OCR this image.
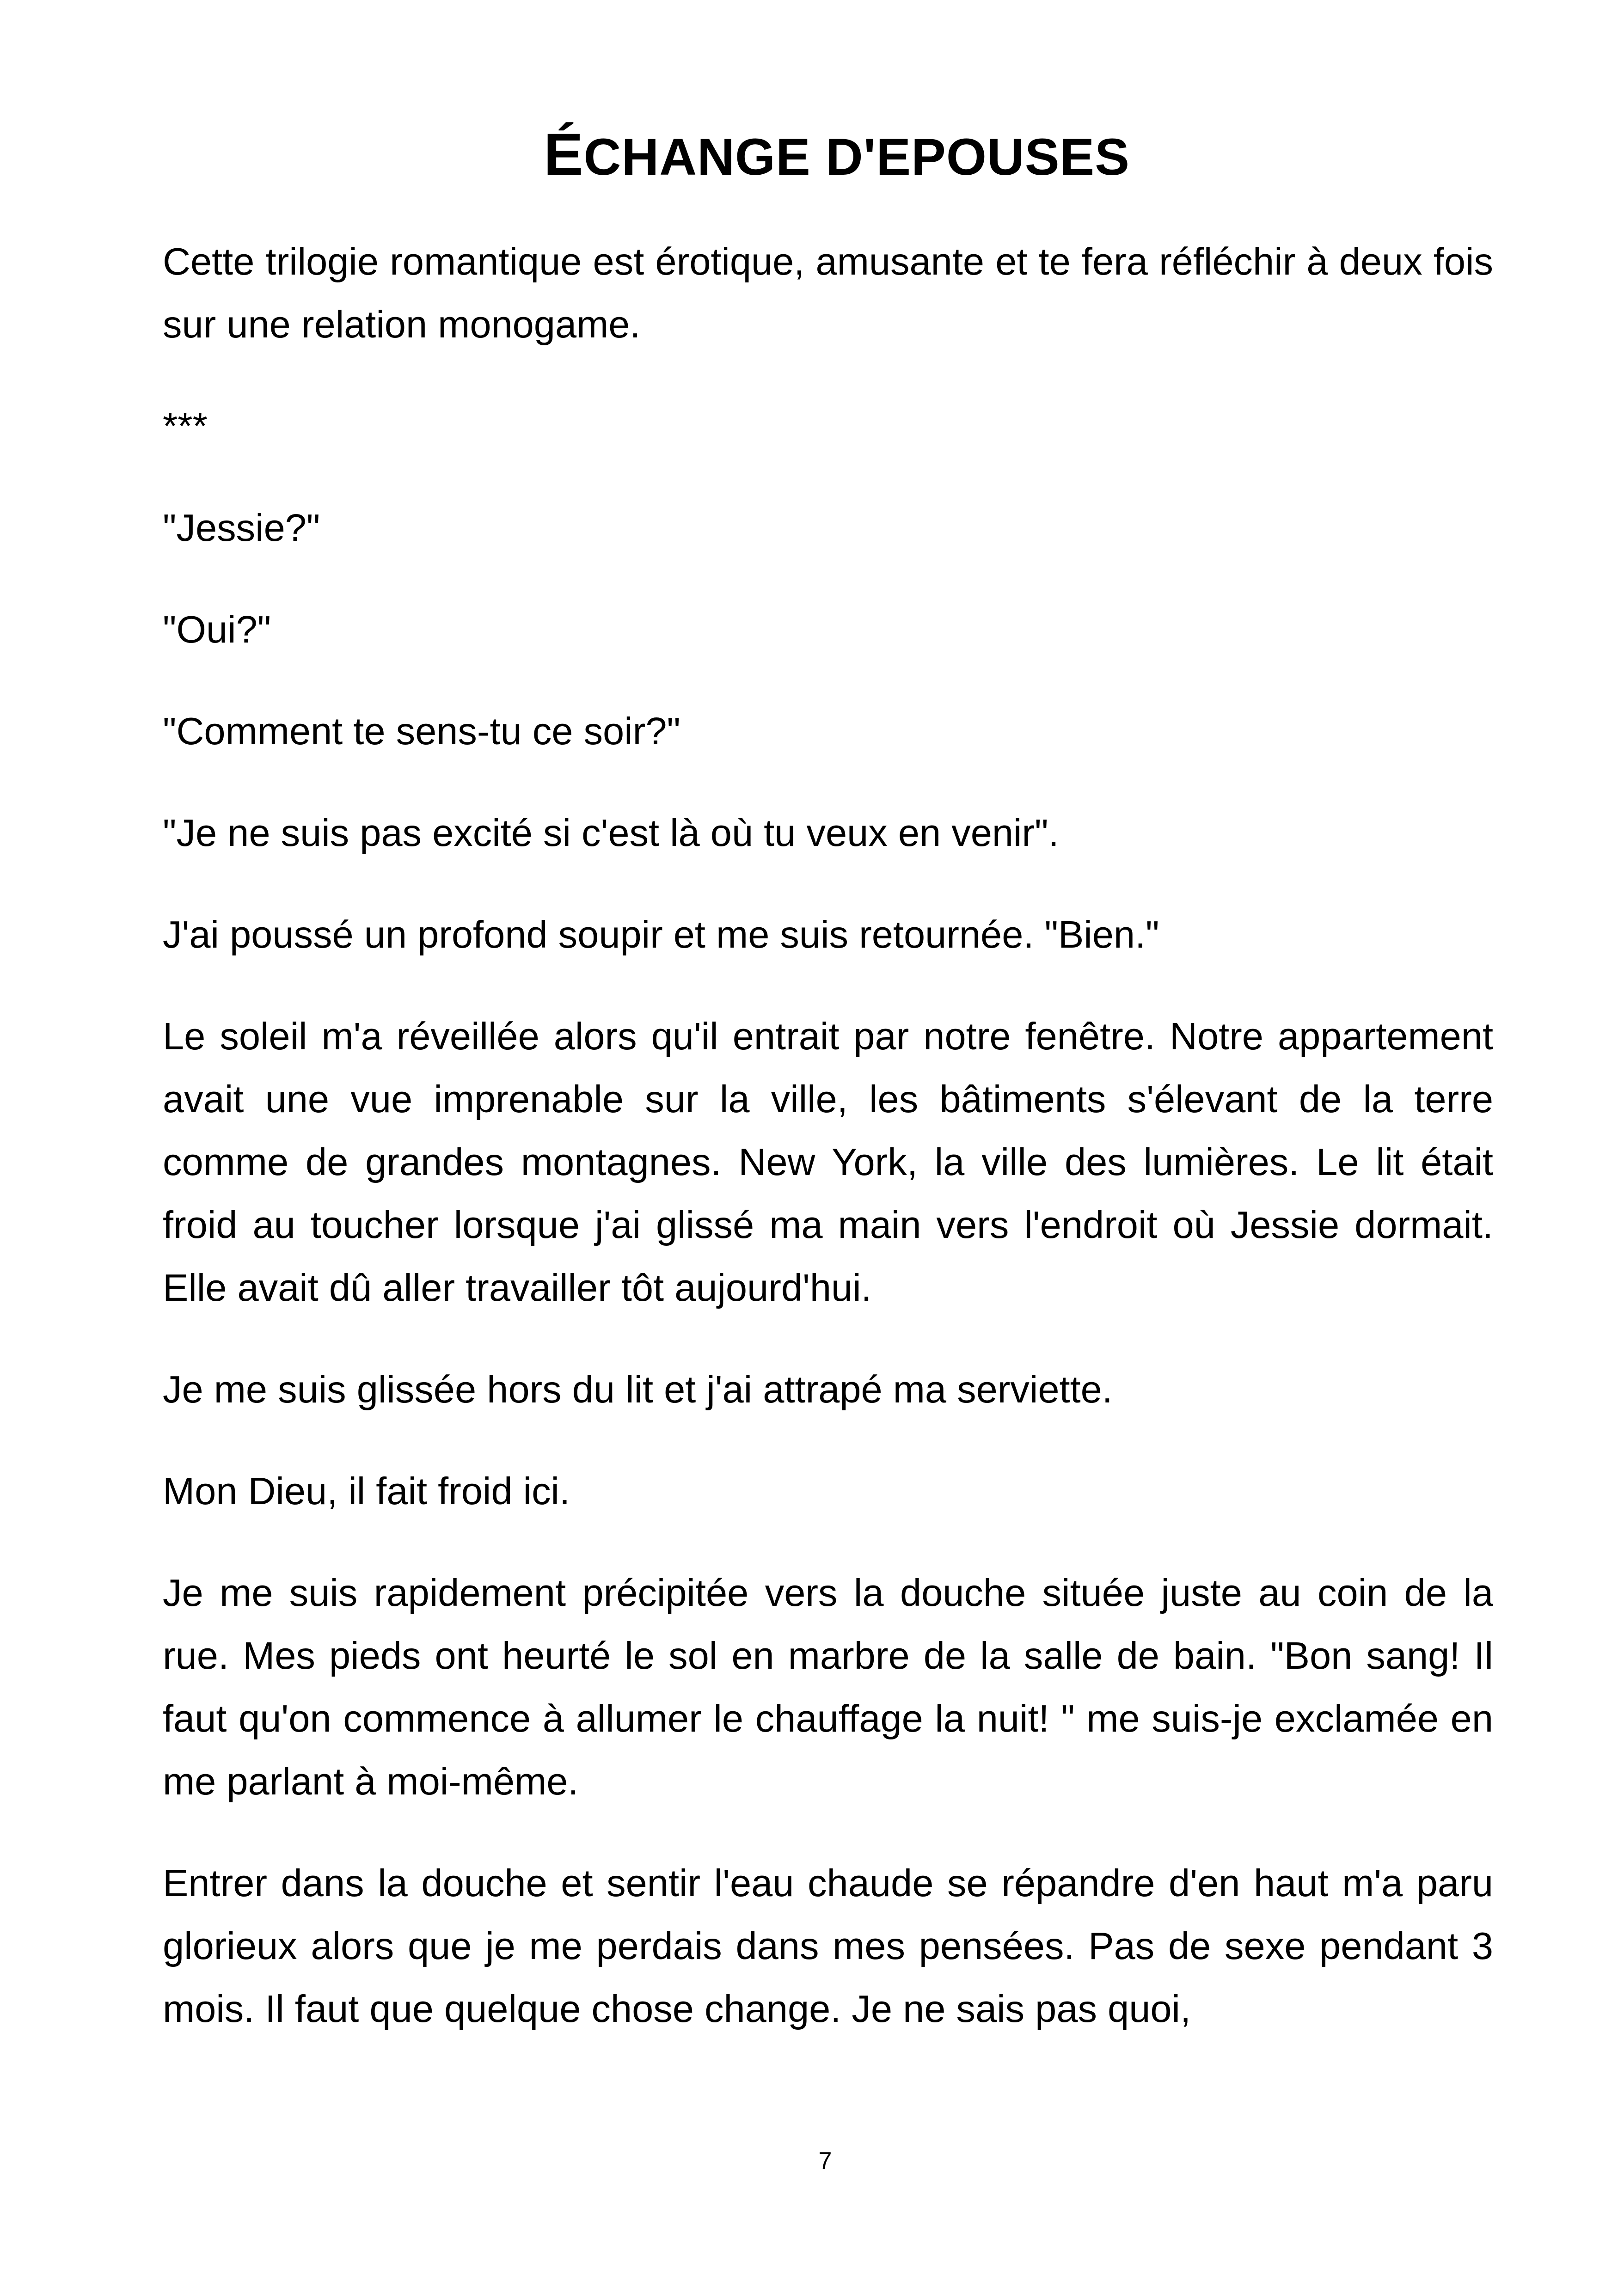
ÉCHANGE D'EPOUSES

Cette trilogie romantique est érotique, amusante et te fera réfléchir à deux fois sur une relation monogame.

***

"Jessie?"

"Oui?"

"Comment te sens-tu ce soir?"

"Je ne suis pas excité si c'est là où tu veux en venir".

J'ai poussé un profond soupir et me suis retournée. "Bien."

Le soleil m'a réveillée alors qu'il entrait par notre fenêtre. Notre appartement avait une vue imprenable sur la ville, les bâtiments s'élevant de la terre comme de grandes montagnes. New York, la ville des lumières. Le lit était froid au toucher lorsque j'ai glissé ma main vers l'endroit où Jessie dormait. Elle avait dû aller travailler tôt aujourd'hui.

Je me suis glissée hors du lit et j'ai attrapé ma serviette.

Mon Dieu, il fait froid ici.

Je me suis rapidement précipitée vers la douche située juste au coin de la rue. Mes pieds ont heurté le sol en marbre de la salle de bain. "Bon sang! Il faut qu'on commence à allumer le chauffage la nuit! " me suis-je exclamée en me parlant à moi-même.

Entrer dans la douche et sentir l'eau chaude se répandre d'en haut m'a paru glorieux alors que je me perdais dans mes pensées. Pas de sexe pendant 3 mois. Il faut que quelque chose change. Je ne sais pas quoi,

7
